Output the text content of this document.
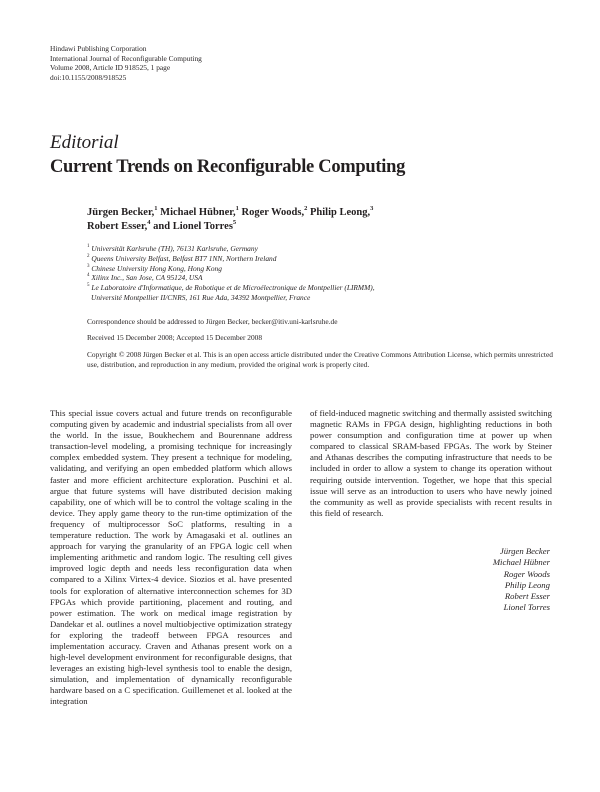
Hindawi Publishing Corporation
International Journal of Reconfigurable Computing
Volume 2008, Article ID 918525, 1 page
doi:10.1155/2008/918525
Editorial
Current Trends on Reconfigurable Computing
Jürgen Becker,$^1$ Michael Hübner,$^1$ Roger Woods,$^2$ Philip Leong,$^3$
Robert Esser,$^4$ and Lionel Torres$^5$
$^1$ Universität Karlsruhe (TH), 76131 Karlsruhe, Germany
$^2$ Queens University Belfast, Belfast BT7 1NN, Northern Ireland
$^3$ Chinese University Hong Kong, Hong Kong
$^4$ Xilinx Inc., San Jose, CA 95124, USA
$^5$ Le Laboratoire d'Informatique, de Robotique et de Microélectronique de Montpellier (LIRMM),
Université Montpellier II/CNRS, 161 Rue Ada, 34392 Montpellier, France
Correspondence should be addressed to Jürgen Becker, becker@itiv.uni-karlsruhe.de
Received 15 December 2008; Accepted 15 December 2008
Copyright © 2008 Jürgen Becker et al. This is an open access article distributed under the Creative Commons Attribution License, which permits unrestricted use, distribution, and reproduction in any medium, provided the original work is properly cited.
This special issue covers actual and future trends on reconfigurable computing given by academic and industrial specialists from all over the world. In the issue, Boukhechem and Bourennane address transaction-level modeling, a promising technique for increasingly complex embedded system. They present a technique for modeling, validating, and verifying an open embedded platform which allows faster and more efficient architecture exploration. Puschini et al. argue that future systems will have distributed decision making capability, one of which will be to control the voltage scaling in the device. They apply game theory to the run-time optimization of the frequency of multiprocessor SoC platforms, resulting in a temperature reduction. The work by Amagasaki et al. outlines an approach for varying the granularity of an FPGA logic cell when implementing arithmetic and random logic. The resulting cell gives improved logic depth and needs less reconfiguration data when compared to a Xilinx Virtex-4 device. Siozios et al. have presented tools for exploration of alternative interconnection schemes for 3D FPGAs which provide partitioning, placement and routing, and power estimation. The work on medical image registration by Dandekar et al. outlines a novel multiobjective optimization strategy for exploring the tradeoff between FPGA resources and implementation accuracy. Craven and Athanas present work on a high-level development environment for reconfigurable designs, that leverages an existing high-level synthesis tool to enable the design, simulation, and implementation of dynamically reconfigurable hardware based on a C specification. Guillemenet et al. looked at the integration
of field-induced magnetic switching and thermally assisted switching magnetic RAMs in FPGA design, highlighting reductions in both power consumption and configuration time at power up when compared to classical SRAM-based FPGAs. The work by Steiner and Athanas describes the computing infrastructure that needs to be included in order to allow a system to change its operation without requiring outside intervention. Together, we hope that this special issue will serve as an introduction to users who have newly joined the community as well as provide specialists with recent results in this field of research.
Jürgen Becker
Michael Hübner
Roger Woods
Philip Leong
Robert Esser
Lionel Torres
